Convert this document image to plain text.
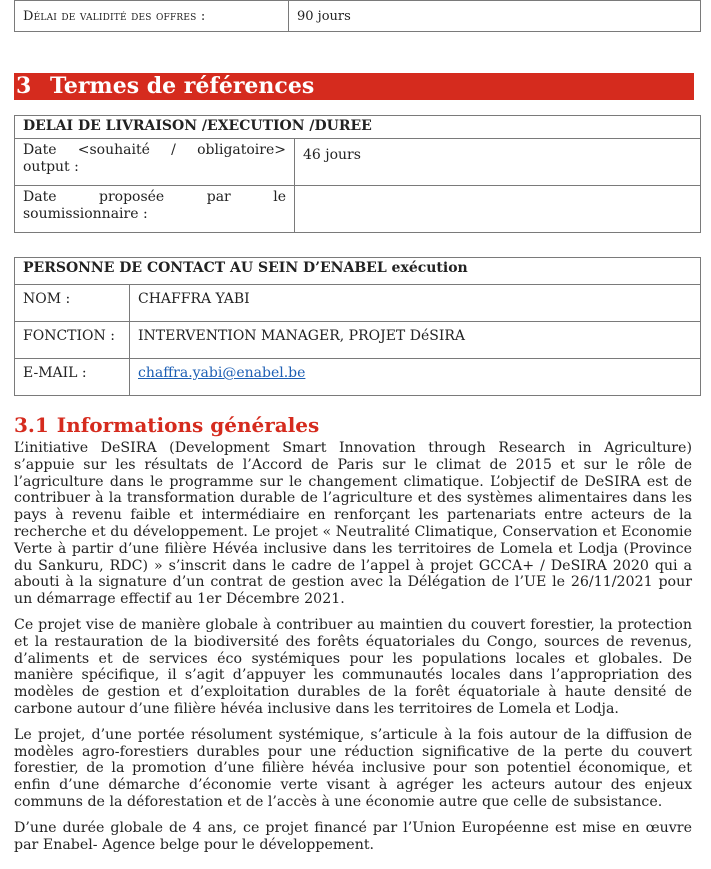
Délai de validité des offres :	90 jours
3 Termes de références
DELAI DE LIVRAISON /EXECUTION /DUREE	
Date <souhaité / obligatoire> output :	46 jours
Date proposée par le soumissionnaire :	
PERSONNE DE CONTACT AU SEIN D’ENABEL exécution	
NOM :	CHAFFRA YABI
FONCTION :	INTERVENTION MANAGER, PROJET DéSIRA
E-MAIL :	chaffra.yabi@enabel.be
3.1 Informations générales

L’initiative DeSIRA (Development Smart Innovation through Research in Agriculture) s’appuie sur les résultats de l’Accord de Paris sur le climat de 2015 et sur le rôle de l’agriculture dans le programme sur le changement climatique. L’objectif de DeSIRA est de contribuer à la transformation durable de l’agriculture et des systèmes alimentaires dans les pays à revenu faible et intermédiaire en renforçant les partenariats entre acteurs de la recherche et du développement. Le projet « Neutralité Climatique, Conservation et Economie Verte à partir d’une filière Hévéa inclusive dans les territoires de Lomela et Lodja (Province du Sankuru, RDC) » s’inscrit dans le cadre de l’appel à projet GCCA+ / DeSIRA 2020 qui a abouti à la signature d’un contrat de gestion avec la Délégation de l’UE le 26/11/2021 pour un démarrage effectif au 1er Décembre 2021.

Ce projet vise de manière globale à contribuer au maintien du couvert forestier, la protection et la restauration de la biodiversité des forêts équatoriales du Congo, sources de revenus, d’aliments et de services éco systémiques pour les populations locales et globales. De manière spécifique, il s’agit d’appuyer les communautés locales dans l’appropriation des modèles de gestion et d’exploitation durables de la forêt équatoriale à haute densité de carbone autour d’une filière hévéa inclusive dans les territoires de Lomela et Lodja.

Le projet, d’une portée résolument systémique, s’articule à la fois autour de la diffusion de modèles agro-forestiers durables pour une réduction significative de la perte du couvert forestier, de la promotion d’une filière hévéa inclusive pour son potentiel économique, et enfin d’une démarche d’économie verte visant à agréger les acteurs autour des enjeux communs de la déforestation et de l’accès à une économie autre que celle de subsistance.

D’une durée globale de 4 ans, ce projet financé par l’Union Européenne est mise en œuvre par Enabel- Agence belge pour le développement.
